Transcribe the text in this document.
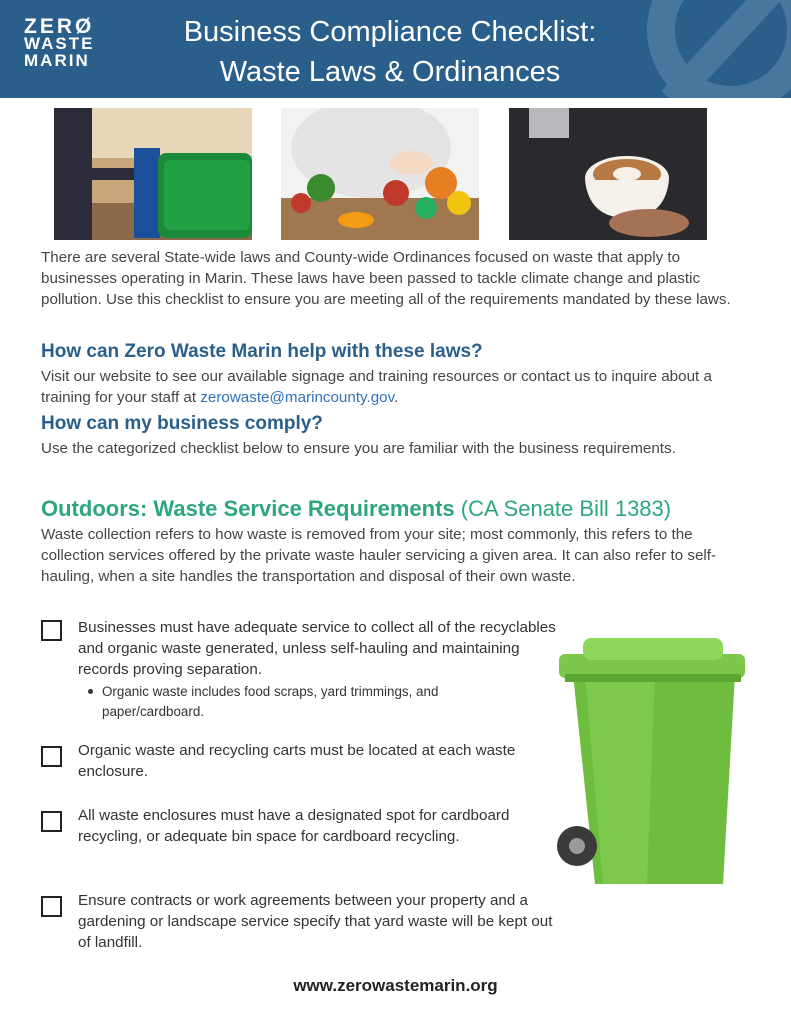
ZERØ
WASTE
MARIN
Business Compliance Checklist:
Waste Laws & Ordinances
There are several State-wide laws and County-wide Ordinances focused on waste that apply to businesses operating in Marin. These laws have been passed to tackle climate change and plastic pollution. Use this checklist to ensure you are meeting all of the requirements mandated by these laws.
How can Zero Waste Marin help with these laws?
Visit our website to see our available signage and training resources or contact us to inquire about a training for your staff at zerowaste@marincounty.gov.
How can my business comply?
Use the categorized checklist below to ensure you are familiar with the business requirements.
Outdoors: Waste Service Requirements (CA Senate Bill 1383)
Waste collection refers to how waste is removed from your site; most commonly, this refers to the collection services offered by the private waste hauler servicing a given area. It can also refer to self-hauling, when a site handles the transportation and disposal of their own waste.
Businesses must have adequate service to collect all of the recyclables and organic waste generated, unless self-hauling and maintaining records proving separation.
Organic waste includes food scraps, yard trimmings, and paper/cardboard.
Organic waste and recycling carts must be located at each waste enclosure.
All waste enclosures must have a designated spot for cardboard recycling, or adequate bin space for cardboard recycling.
Ensure contracts or work agreements between your property and a gardening or landscape service specify that yard waste will be kept out of landfill.
www.zerowastemarin.org
